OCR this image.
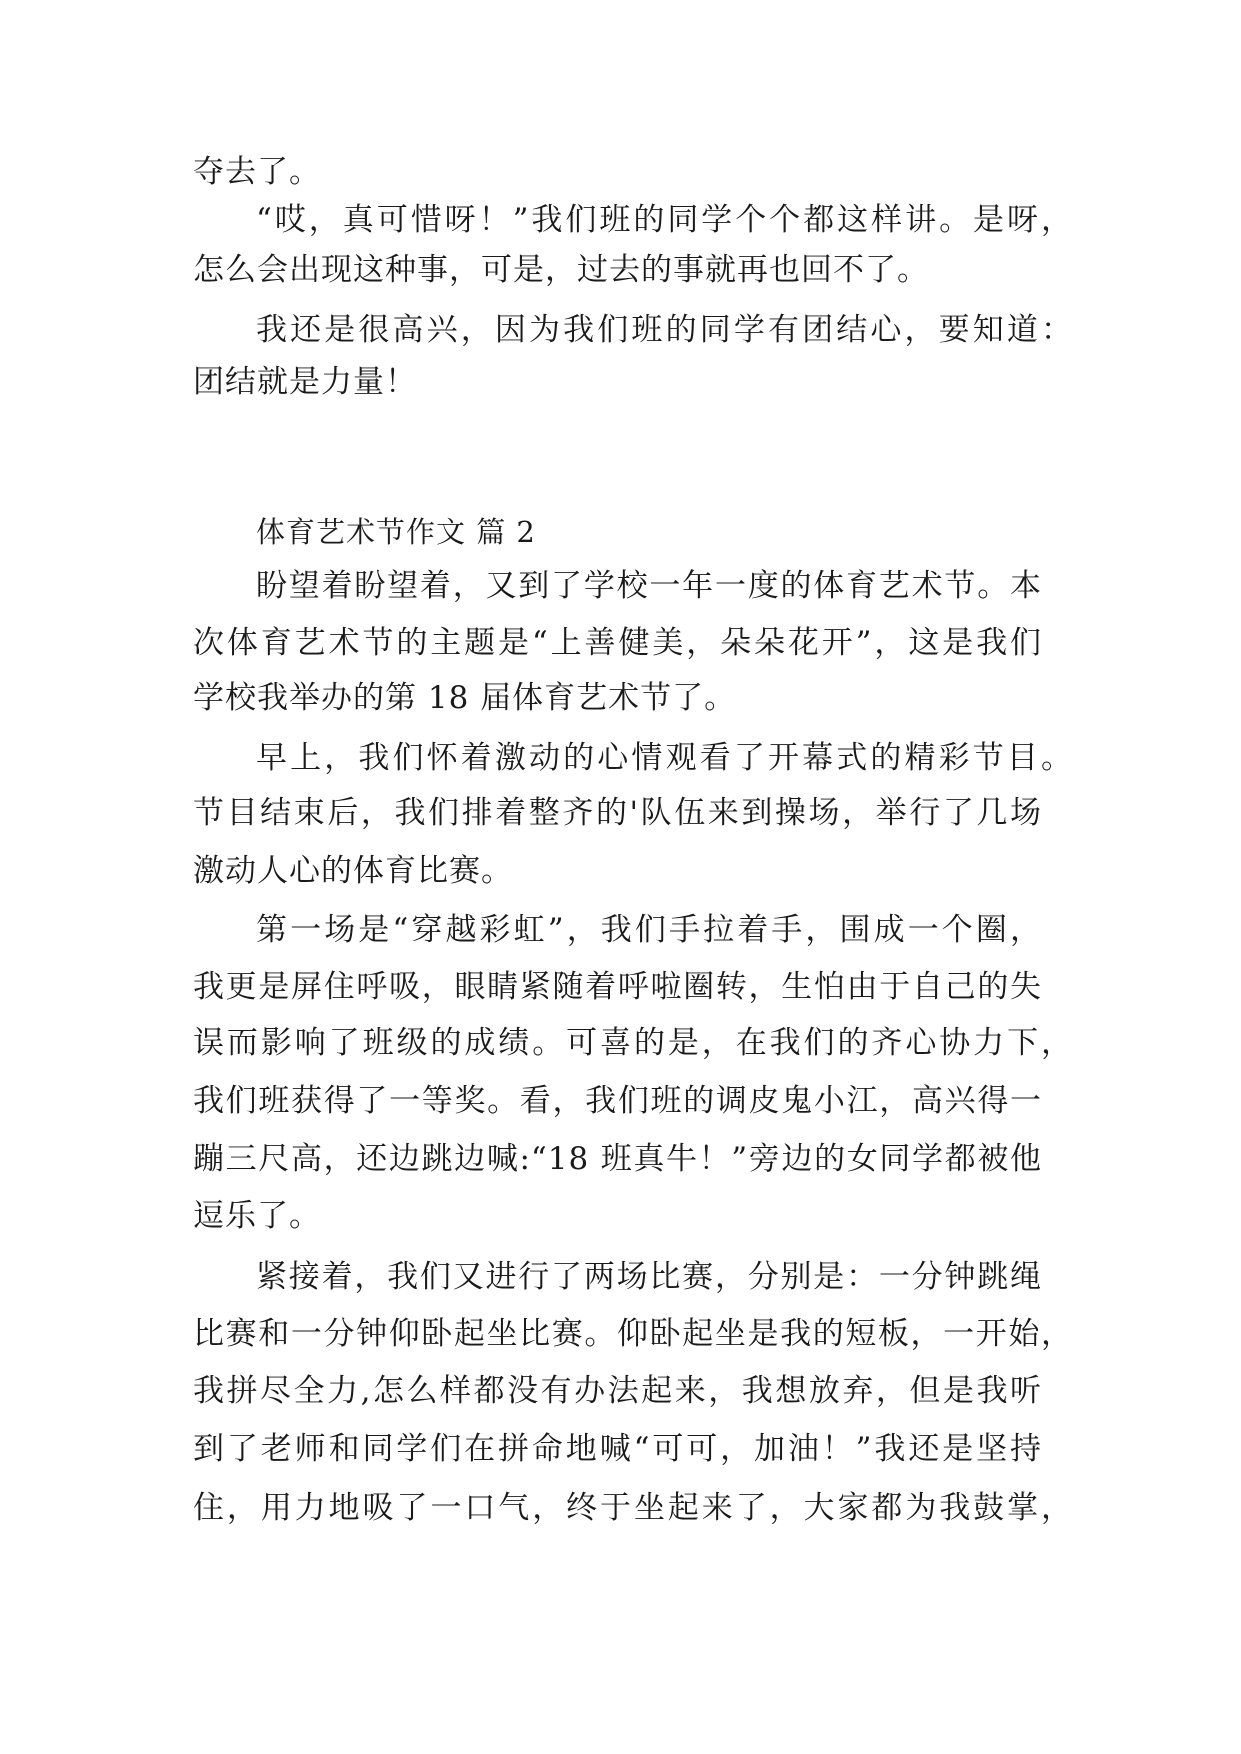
夺去了。
“哎，真可惜呀！”我们班的同学个个都这样讲。是呀，
怎么会出现这种事，可是，过去的事就再也回不了。
我还是很高兴，因为我们班的同学有团结心，要知道：
团结就是力量！
体育艺术节作文 篇 2
盼望着盼望着，又到了学校一年一度的体育艺术节。本
次体育艺术节的主题是“上善健美，朵朵花开”，这是我们
学校我举办的第 18 届体育艺术节了。
早上，我们怀着激动的心情观看了开幕式的精彩节目。
节目结束后，我们排着整齐的'队伍来到操场，举行了几场
激动人心的体育比赛。
第一场是“穿越彩虹”，我们手拉着手，围成一个圈，
我更是屏住呼吸，眼睛紧随着呼啦圈转，生怕由于自己的失
误而影响了班级的成绩。可喜的是，在我们的齐心协力下，
我们班获得了一等奖。看，我们班的调皮鬼小江，高兴得一
蹦三尺高，还边跳边喊:“18 班真牛！”旁边的女同学都被他
逗乐了。
紧接着，我们又进行了两场比赛，分别是：一分钟跳绳
比赛和一分钟仰卧起坐比赛。仰卧起坐是我的短板，一开始，
我拼尽全力,怎么样都没有办法起来，我想放弃，但是我听
到了老师和同学们在拼命地喊“可可，加油！”我还是坚持
住，用力地吸了一口气，终于坐起来了，大家都为我鼓掌，
